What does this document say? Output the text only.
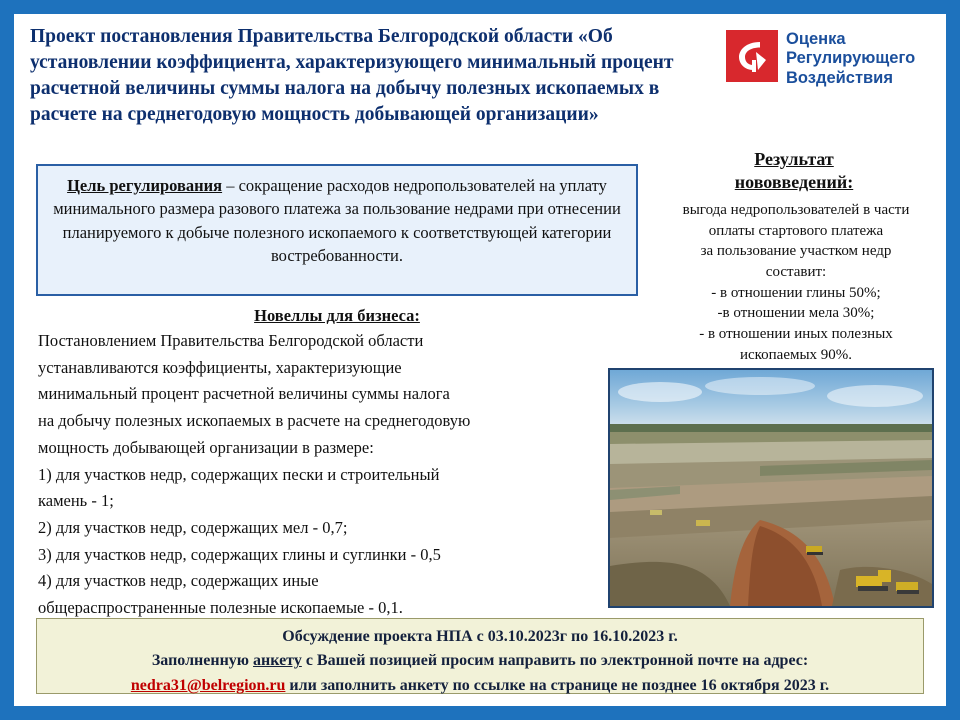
Проект постановления Правительства Белгородской области «Об установлении коэффициента, характеризующего минимальный процент расчетной величины суммы налога на добычу полезных ископаемых в расчете на среднегодовую мощность добывающей организации»
Оценка
Регулирующего
Воздействия
Цель регулирования – сокращение расходов недропользователей на уплату минимального размера разового платежа за пользование недрами при отнесении планируемого к добыче полезного ископаемого к соответствующей категории востребованности.
Новеллы для бизнеса:

Постановлением Правительства Белгородской области

устанавливаются коэффициенты, характеризующие

минимальный процент расчетной величины суммы налога

на добычу полезных ископаемых в расчете на среднегодовую

мощность добывающей организации в размере:

1) для участков недр, содержащих пески и строительный

камень - 1;

2) для участков недр, содержащих мел - 0,7;

3) для участков недр, содержащих глины и суглинки - 0,5

4) для участков недр, содержащих иные

общераспространенные полезные ископаемые - 0,1.

Результат
нововведений:

выгода недропользователей в части

оплаты стартового платежа

за пользование участком недр

составит:

- в отношении глины 50%;

-в отношении мела 30%;

- в отношении иных полезных

ископаемых 90%.

Обсуждение проекта НПА с 03.10.2023г по 16.10.2023 г.
Заполненную анкету с Вашей позицией просим направить по электронной почте на адрес:
nedra31@belregion.ru или заполнить анкету по ссылке на странице не позднее 16 октября 2023 г.
